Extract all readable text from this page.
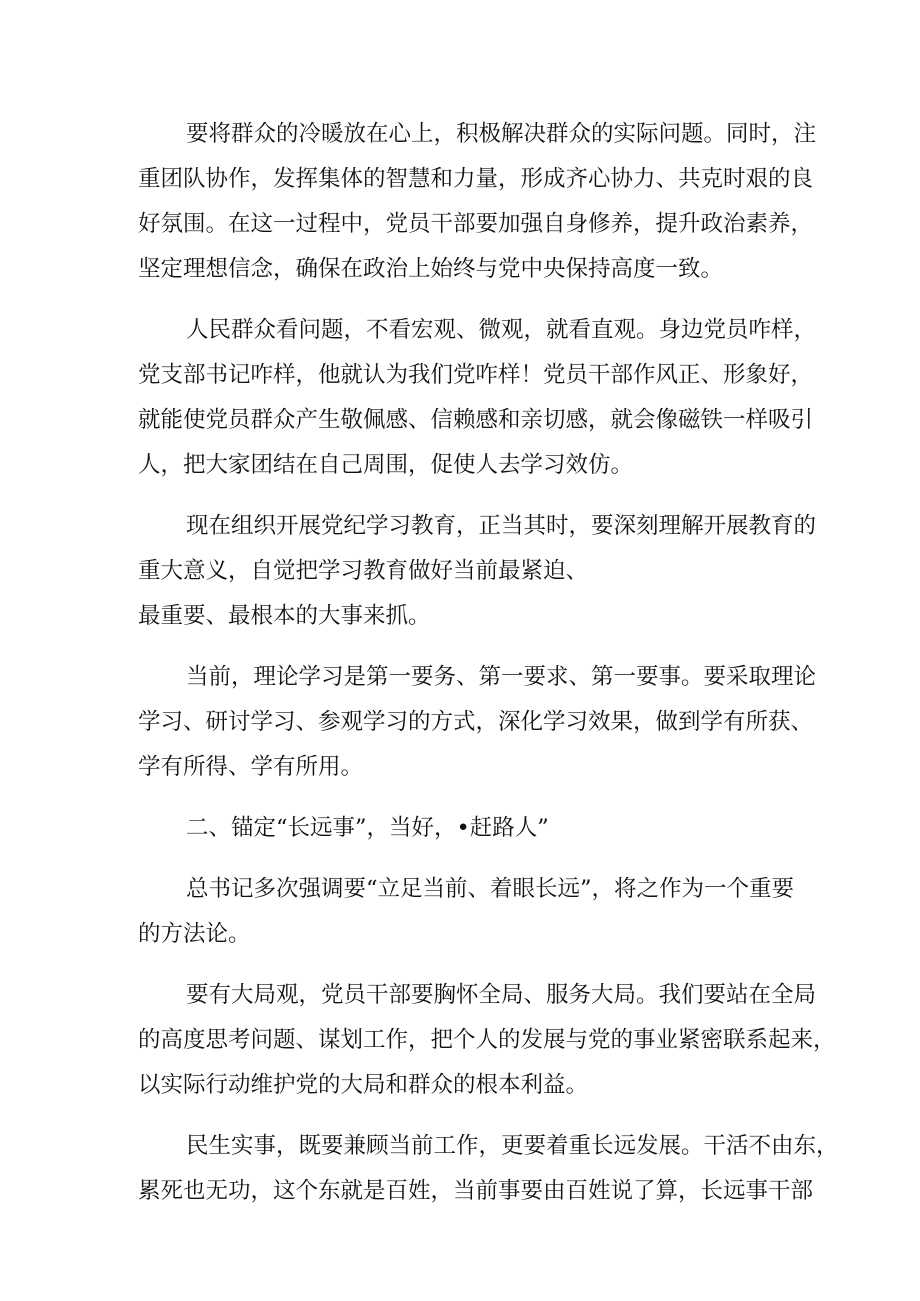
要将群众的冷暖放在心上，积极解决群众的实际问题。同时，注
重团队协作，发挥集体的智慧和力量，形成齐心协力、共克时艰的良
好氛围。在这一过程中，党员干部要加强自身修养，提升政治素养，
坚定理想信念，确保在政治上始终与党中央保持高度一致。

人民群众看问题，不看宏观、微观，就看直观。身边党员咋样，
党支部书记咋样，他就认为我们党咋样！党员干部作风正、形象好，
就能使党员群众产生敬佩感、信赖感和亲切感，就会像磁铁一样吸引
人，把大家团结在自己周围，促使人去学习效仿。

现在组织开展党纪学习教育，正当其时，要深刻理解开展教育的
重大意义，自觉把学习教育做好当前最紧迫、
最重要、最根本的大事来抓。

当前，理论学习是第一要务、第一要求、第一要事。要采取理论
学习、研讨学习、参观学习的方式，深化学习效果，做到学有所获、
学有所得、学有所用。

二、锚定“长远事”，当好，•赶路人”

总书记多次强调要“立足当前、着眼长远”，将之作为一个重要
的方法论。

要有大局观，党员干部要胸怀全局、服务大局。我们要站在全局
的高度思考问题、谋划工作，把个人的发展与党的事业紧密联系起来，
以实际行动维护党的大局和群众的根本利益。

民生实事，既要兼顾当前工作，更要着重长远发展。干活不由东，
累死也无功，这个东就是百姓，当前事要由百姓说了算，长远事干部
